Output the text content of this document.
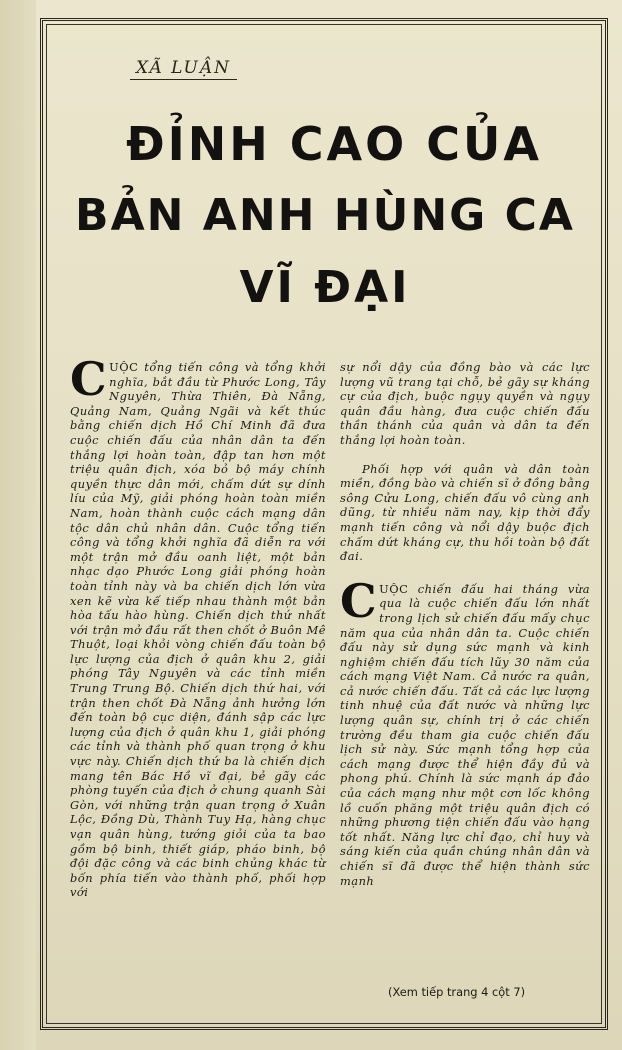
XÃ LUẬN
ĐỈNH CAO CỦA
BẢN ANH HÙNG CA
VĨ ĐẠI

CUỘC tổng tiến công và tổng khởi nghĩa, bắt đầu từ Phước Long, Tây Nguyên, Thừa Thiên, Đà Nẵng, Quảng Nam, Quảng Ngãi và kết thúc bằng chiến dịch Hồ Chí Minh đã đưa cuộc chiến đấu của nhân dân ta đến thắng lợi hoàn toàn, đập tan hơn một triệu quân địch, xóa bỏ bộ máy chính quyền thực dân mới, chấm dứt sự dính líu của Mỹ, giải phóng hoàn toàn miền Nam, hoàn thành cuộc cách mạng dân tộc dân chủ nhân dân. Cuộc tổng tiến công và tổng khởi nghĩa đã diễn ra với một trận mở đầu oanh liệt, một bản nhạc dạo Phước Long giải phóng hoàn toàn tỉnh này và ba chiến dịch lớn vừa xen kẽ vừa kế tiếp nhau thành một bản hòa tấu hào hùng. Chiến dịch thứ nhất với trận mở đầu rất then chốt ở Buôn Mê Thuột, loại khỏi vòng chiến đấu toàn bộ lực lượng của địch ở quân khu 2, giải phóng Tây Nguyên và các tỉnh miền Trung Trung Bộ. Chiến dịch thứ hai, với trận then chốt Đà Nẵng ảnh hưởng lớn đến toàn bộ cục diện, đánh sập các lực lượng của địch ở quân khu 1, giải phóng các tỉnh và thành phố quan trọng ở khu vực này. Chiến dịch thứ ba là chiến dịch mang tên Bác Hồ vĩ đại, bẻ gãy các phòng tuyến của địch ở chung quanh Sài Gòn, với những trận quan trọng ở Xuân Lộc, Đồng Dù, Thành Tuy Hạ, hàng chục vạn quân hùng, tướng giỏi của ta bao gồm bộ binh, thiết giáp, pháo binh, bộ đội đặc công và các binh chủng khác từ bốn phía tiến vào thành phố, phối hợp với

sự nổi dậy của đồng bào và các lực lượng vũ trang tại chỗ, bẻ gãy sự kháng cự của địch, buộc ngụy quyền và ngụy quân đầu hàng, đưa cuộc chiến đấu thần thánh của quân và dân ta đến thắng lợi hoàn toàn.

Phối hợp với quân và dân toàn miền, đồng bào và chiến sĩ ở đồng bằng sông Cửu Long, chiến đấu vô cùng anh dũng, từ nhiều năm nay, kịp thời đẩy mạnh tiến công và nổi dậy buộc địch chấm dứt kháng cự, thu hồi toàn bộ đất đai.

CUỘC chiến đấu hai tháng vừa qua là cuộc chiến đấu lớn nhất trong lịch sử chiến đấu mấy chục năm qua của nhân dân ta. Cuộc chiến đấu này sử dụng sức mạnh và kinh nghiệm chiến đấu tích lũy 30 năm của cách mạng Việt Nam. Cả nước ra quân, cả nước chiến đấu. Tất cả các lực lượng tinh nhuệ của đất nước và những lực lượng quân sự, chính trị ở các chiến trường đều tham gia cuộc chiến đấu lịch sử này. Sức mạnh tổng hợp của cách mạng được thể hiện đầy đủ và phong phú. Chính là sức mạnh áp đảo của cách mạng như một cơn lốc không lồ cuốn phăng một triệu quân địch có những phương tiện chiến đấu vào hạng tốt nhất. Năng lực chỉ đạo, chỉ huy và sáng kiến của quần chúng nhân dân và chiến sĩ đã được thể hiện thành sức mạnh

(Xem tiếp trang 4 cột 7)
